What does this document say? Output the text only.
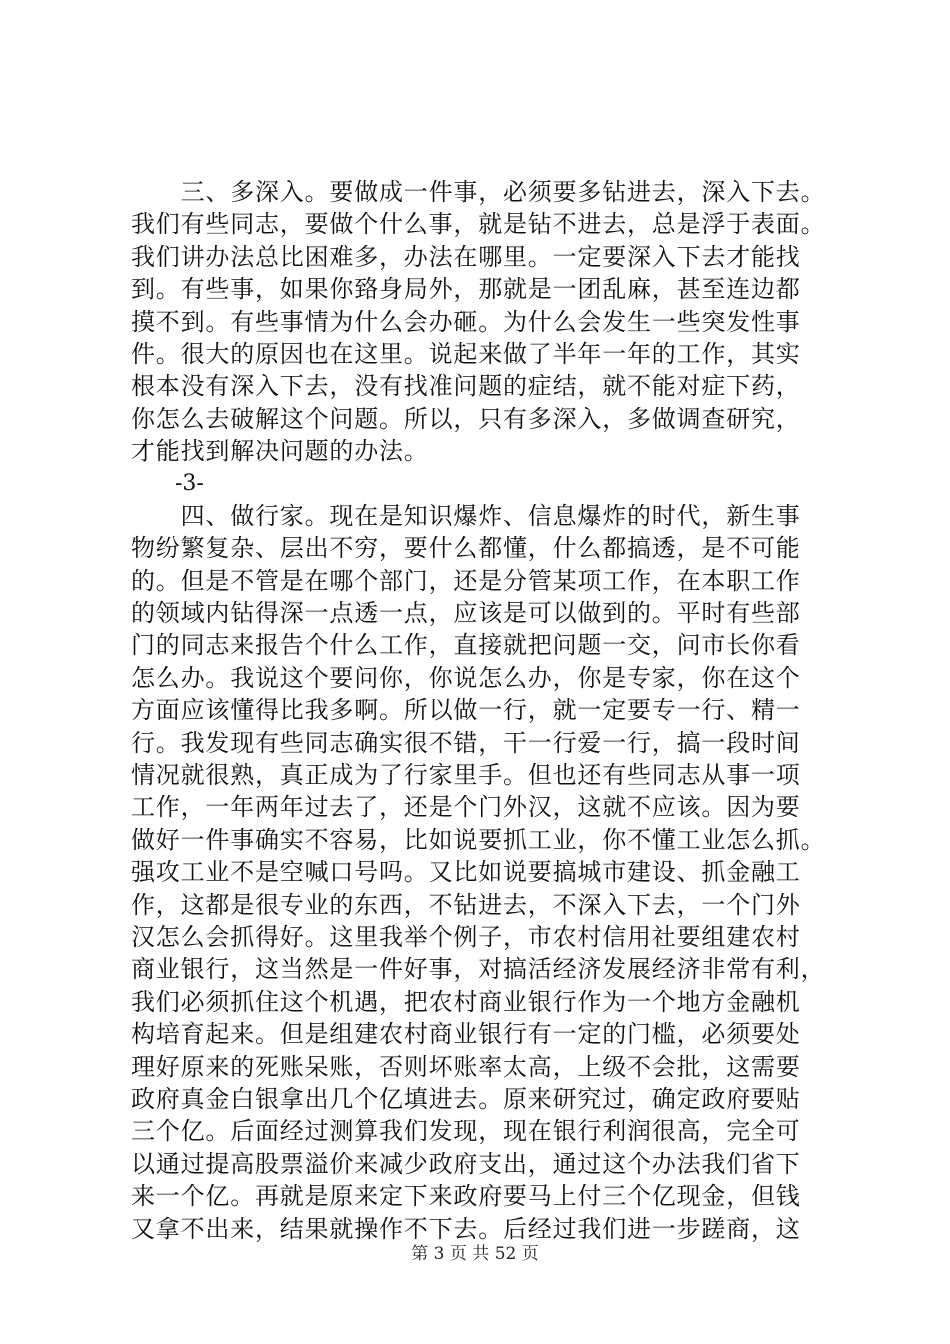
　　三、多深入。要做成一件事，必须要多钻进去，深入下去。
我们有些同志，要做个什么事，就是钻不进去，总是浮于表面。
我们讲办法总比困难多，办法在哪里。一定要深入下去才能找
到。有些事，如果你臵身局外，那就是一团乱麻，甚至连边都
摸不到。有些事情为什么会办砸。为什么会发生一些突发性事
件。很大的原因也在这里。说起来做了半年一年的工作，其实
根本没有深入下去，没有找准问题的症结，就不能对症下药，
你怎么去破解这个问题。所以，只有多深入，多做调查研究，
才能找到解决问题的办法。
-3-
　　四、做行家。现在是知识爆炸、信息爆炸的时代，新生事
物纷繁复杂、层出不穷，要什么都懂，什么都搞透，是不可能
的。但是不管是在哪个部门，还是分管某项工作，在本职工作
的领域内钻得深一点透一点，应该是可以做到的。平时有些部
门的同志来报告个什么工作，直接就把问题一交，问市长你看
怎么办。我说这个要问你，你说怎么办，你是专家，你在这个
方面应该懂得比我多啊。所以做一行，就一定要专一行、精一
行。我发现有些同志确实很不错，干一行爱一行，搞一段时间
情况就很熟，真正成为了行家里手。但也还有些同志从事一项
工作，一年两年过去了，还是个门外汉，这就不应该。因为要
做好一件事确实不容易，比如说要抓工业，你不懂工业怎么抓。
强攻工业不是空喊口号吗。又比如说要搞城市建设、抓金融工
作，这都是很专业的东西，不钻进去，不深入下去，一个门外
汉怎么会抓得好。这里我举个例子，市农村信用社要组建农村
商业银行，这当然是一件好事，对搞活经济发展经济非常有利，
我们必须抓住这个机遇，把农村商业银行作为一个地方金融机
构培育起来。但是组建农村商业银行有一定的门槛，必须要处
理好原来的死账呆账，否则坏账率太高，上级不会批，这需要
政府真金白银拿出几个亿填进去。原来研究过，确定政府要贴
三个亿。后面经过测算我们发现，现在银行利润很高，完全可
以通过提高股票溢价来减少政府支出，通过这个办法我们省下
来一个亿。再就是原来定下来政府要马上付三个亿现金，但钱
又拿不出来，结果就操作不下去。后经过我们进一步蹉商，这
第 3 页 共 52 页
